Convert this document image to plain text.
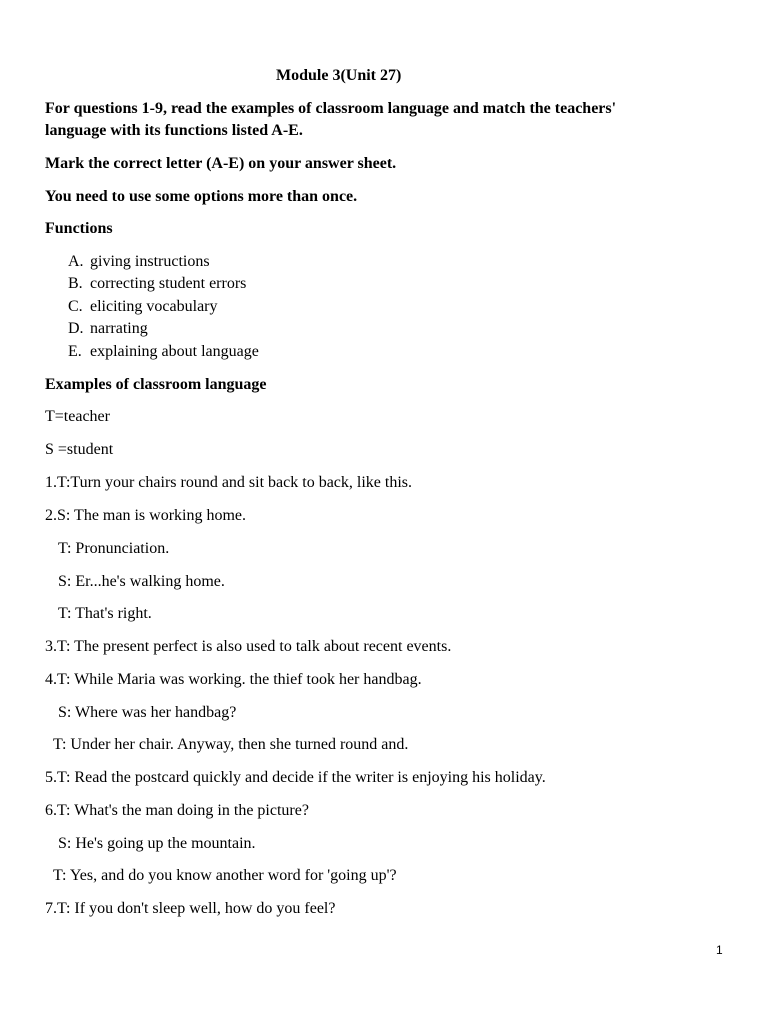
Module 3(Unit 27)
For questions 1-9, read the examples of classroom language and match the teachers'
language with its functions listed A-E.
Mark the correct letter (A-E) on your answer sheet.
You need to use some options more than once.
Functions
A. giving instructions
B. correcting student errors
C. eliciting vocabulary
D. narrating
E. explaining about language
Examples of classroom language
T=teacher
S =student
1.T:Turn your chairs round and sit back to back, like this.
2.S: The man is working home.
T: Pronunciation.
S: Er...he's walking home.
T: That's right.
3.T: The present perfect is also used to talk about recent events.
4.T: While Maria was working. the thief took her handbag.
S: Where was her handbag?
T: Under her chair. Anyway, then she turned round and.
5.T: Read the postcard quickly and decide if the writer is enjoying his holiday.
6.T: What's the man doing in the picture?
S: He's going up the mountain.
T: Yes, and do you know another word for 'going up'?
7.T: If you don't sleep well, how do you feel?
1
